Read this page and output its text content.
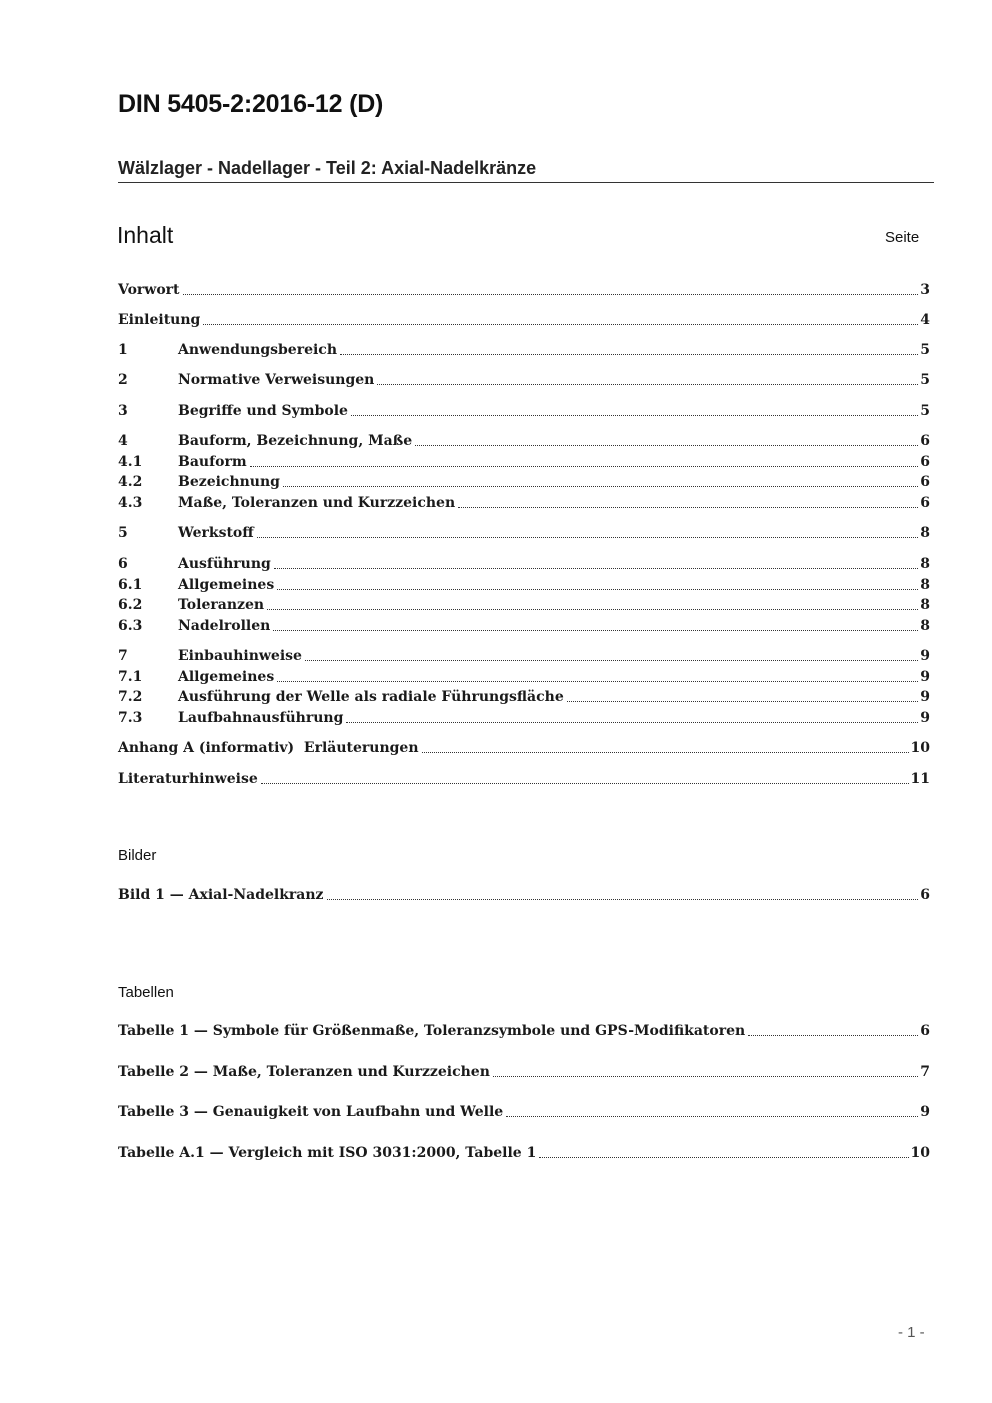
DIN 5405-2:2016-12 (D)
Wälzlager - Nadellager - Teil 2: Axial-Nadelkränze
Inhalt	Seite
Vorwort	3
Einleitung	4
1	Anwendungsbereich	5
2	Normative Verweisungen	5
3	Begriffe und Symbole	5
4	Bauform, Bezeichnung, Maße	6
4.1	Bauform	6
4.2	Bezeichnung	6
4.3	Maße, Toleranzen und Kurzzeichen	6
5	Werkstoff	8
6	Ausführung	8
6.1	Allgemeines	8
6.2	Toleranzen	8
6.3	Nadelrollen	8
7	Einbauhinweise	9
7.1	Allgemeines	9
7.2	Ausführung der Welle als radiale Führungsfläche	9
7.3	Laufbahnausführung	9
Anhang A (informativ)  Erläuterungen	10
Literaturhinweise	11
Bilder
Bild 1 — Axial-Nadelkranz	6
Tabellen
Tabelle 1 — Symbole für Größenmaße, Toleranzsymbole und GPS-Modifikatoren	6
Tabelle 2 — Maße, Toleranzen und Kurzzeichen	7
Tabelle 3 — Genauigkeit von Laufbahn und Welle	9
Tabelle A.1 — Vergleich mit ISO 3031:2000, Tabelle 1	10
- 1 -
